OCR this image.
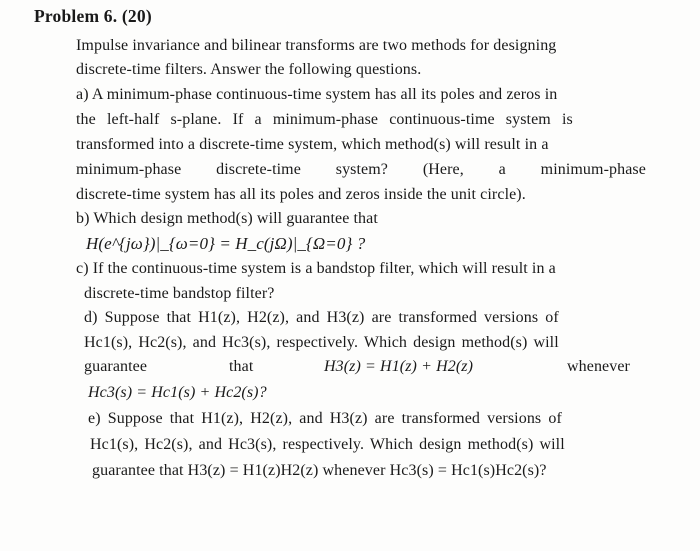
Problem 6. (20)
Impulse invariance and bilinear transforms are two methods for designing
discrete-time filters. Answer the following questions.
a) A minimum-phase continuous-time system has all its poles and zeros in
the left-half s-plane. If a minimum-phase continuous-time system is
transformed into a discrete-time system, which method(s) will result in a
minimum-phase discrete-time system? (Here, a minimum-phase
discrete-time system has all its poles and zeros inside the unit circle).
b) Which design method(s) will guarantee that
H(e^{jω})|_{ω=0} = H_c(jΩ)|_{Ω=0} ?
c) If the continuous-time system is a bandstop filter, which will result in a
discrete-time bandstop filter?
d) Suppose that H1(z), H2(z), and H3(z) are transformed versions of
Hc1(s), Hc2(s), and Hc3(s), respectively. Which design method(s) will
guarantee	that	H3(z) = H1(z) + H2(z)	whenever
Hc3(s) = Hc1(s) + Hc2(s)?
e) Suppose that H1(z), H2(z), and H3(z) are transformed versions of
Hc1(s), Hc2(s), and Hc3(s), respectively. Which design method(s) will
guarantee that H3(z) = H1(z)H2(z) whenever Hc3(s) = Hc1(s)Hc2(s)?
